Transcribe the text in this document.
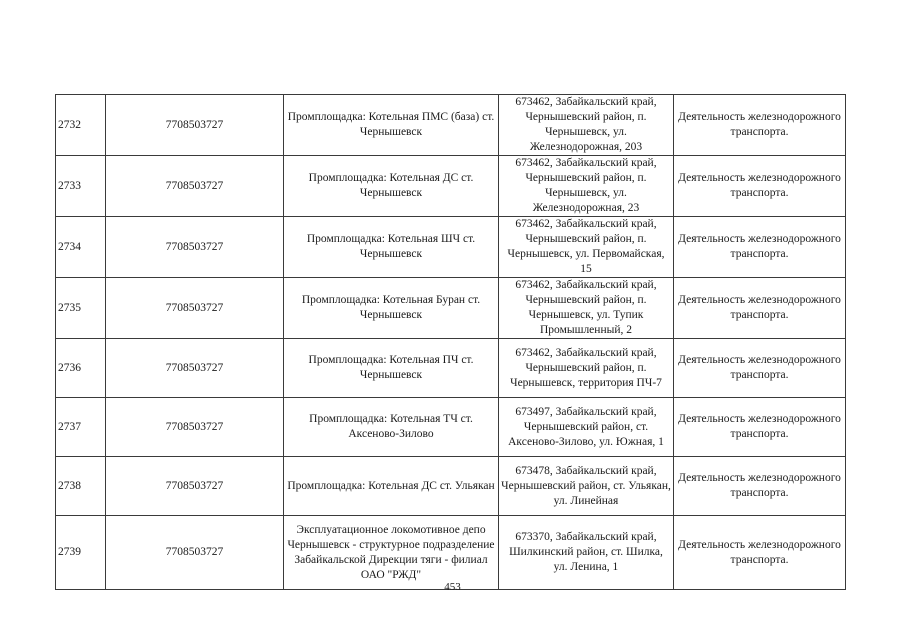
2732	7708503727	Промплощадка: Котельная ПМС (база) ст. Чернышевск	673462, Забайкальский край, Чернышевский район, п. Чернышевск, ул. Железнодорожная, 203	Деятельность железнодорожного транспорта.
2733	7708503727	Промплощадка: Котельная ДС ст. Чернышевск	673462, Забайкальский край, Чернышевский район, п. Чернышевск, ул. Железнодорожная, 23	Деятельность железнодорожного транспорта.
2734	7708503727	Промплощадка: Котельная ШЧ ст. Чернышевск	673462, Забайкальский край, Чернышевский район, п. Чернышевск, ул. Первомайская, 15	Деятельность железнодорожного транспорта.
2735	7708503727	Промплощадка: Котельная Буран ст. Чернышевск	673462, Забайкальский край, Чернышевский район, п. Чернышевск, ул. Тупик Промышленный, 2	Деятельность железнодорожного транспорта.
2736	7708503727	Промплощадка: Котельная ПЧ ст. Чернышевск	673462, Забайкальский край, Чернышевский район, п. Чернышевск, территория ПЧ-7	Деятельность железнодорожного транспорта.
2737	7708503727	Промплощадка: Котельная ТЧ ст. Аксеново-Зилово	673497, Забайкальский край, Чернышевский район, ст. Аксеново-Зилово, ул. Южная, 1	Деятельность железнодорожного транспорта.
2738	7708503727	Промплощадка: Котельная ДС ст. Ульякан	673478, Забайкальский край, Чернышевский район, ст. Ульякан, ул. Линейная	Деятельность железнодорожного транспорта.
2739	7708503727	Эксплуатационное локомотивное депо Чернышевск - структурное подразделение Забайкальской Дирекции тяги - филиал ОАО "РЖД"	673370, Забайкальский край, Шилкинский район, ст. Шилка, ул. Ленина, 1	Деятельность железнодорожного транспорта.
453
